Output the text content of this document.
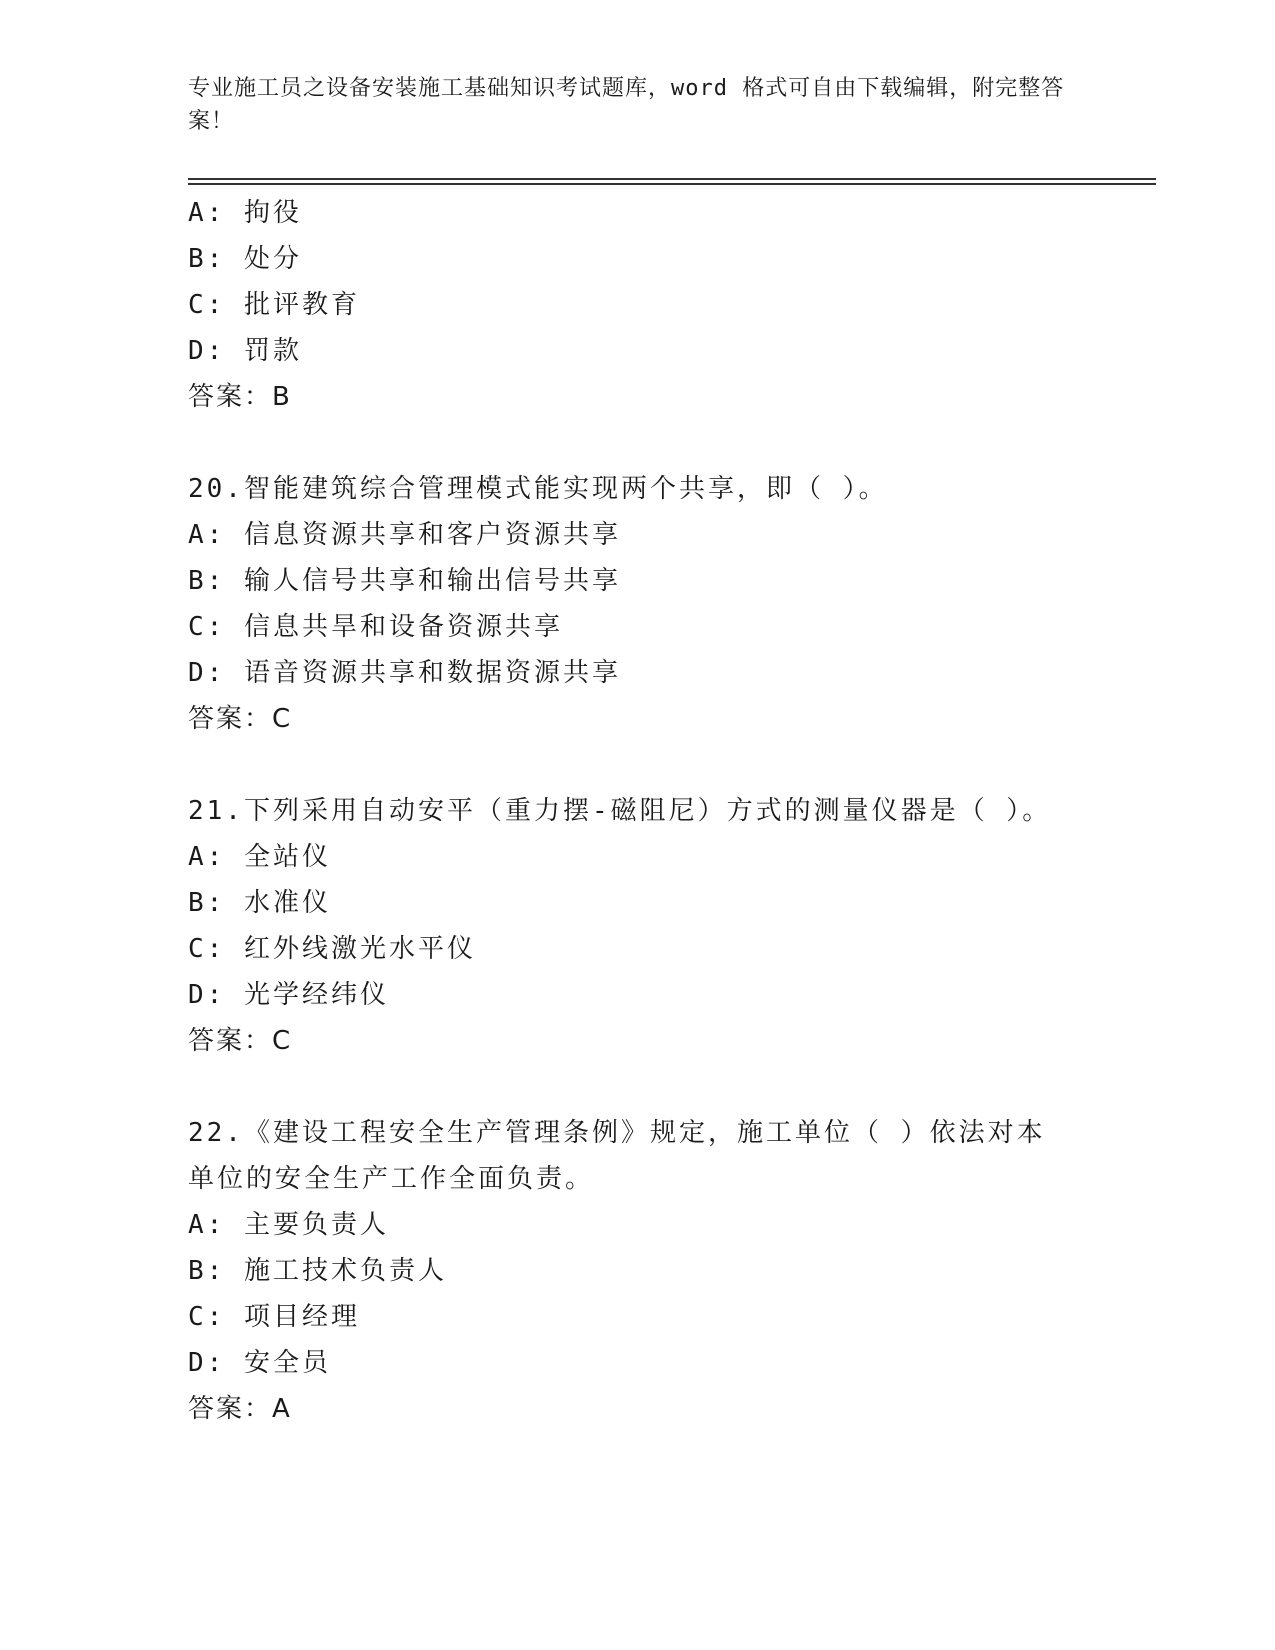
专业施工员之设备安装施工基础知识考试题库，word 格式可自由下载编辑，附完整答案！
A: 拘役
B: 处分
C: 批评教育
D: 罚款
答案：B
20.智能建筑综合管理模式能实现两个共享，即（ ）。
A: 信息资源共享和客户资源共享
B: 输人信号共享和输出信号共享
C: 信息共旱和设备资源共享
D: 语音资源共享和数据资源共享
答案：C
21.下列采用自动安平（重力摆-磁阻尼）方式的测量仪器是（ ）。
A: 全站仪
B: 水准仪
C: 红外线激光水平仪
D: 光学经纬仪
答案：C
22.《建设工程安全生产管理条例》规定，施工单位（ ）依法对本单位的安全生产工作全面负责。
A: 主要负责人
B: 施工技术负责人
C: 项目经理
D: 安全员
答案：A
